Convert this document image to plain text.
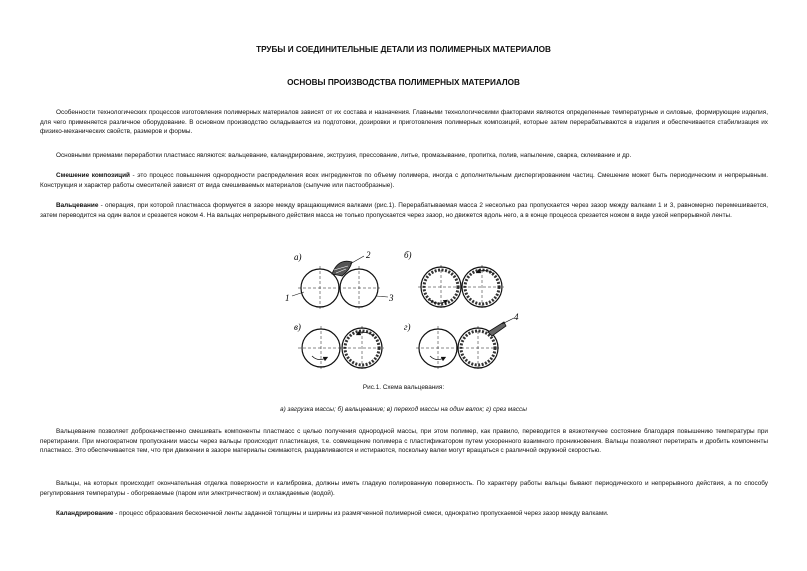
ТРУБЫ И СОЕДИНИТЕЛЬНЫЕ ДЕТАЛИ ИЗ ПОЛИМЕРНЫХ МАТЕРИАЛОВ
ОСНОВЫ ПРОИЗВОДСТВА ПОЛИМЕРНЫХ МАТЕРИАЛОВ
Особенности технологических процессов изготовления полимерных материалов зависят от их состава и назначения. Главными технологическими факторами являются определенные температурные и силовые, формирующие изделия, для чего применяется различное оборудование. В основном производство складывается из подготовки, дозировки и приготовления полимерных композиций, которые затем перерабатываются в изделия и обеспечивается стабилизация их физико-механических свойств, размеров и формы.
Основными приемами переработки пластмасс являются: вальцевание, каландрирование, экструзия, прессование, литье, промазывание, пропитка, полив, напыление, сварка, склеивание и др.
Смешение композиций - это процесс повышения однородности распределения всех ингредиентов по объему полимера, иногда с дополнительным диспергированием частиц. Смешение может быть периодическим и непрерывным. Конструкция и характер работы смесителей зависят от вида смешиваемых материалов (сыпучие или пастообразные).
Вальцевание - операция, при которой пластмасса формуется в зазоре между вращающимися валками (рис.1). Перерабатываемая масса 2 несколько раз пропускается через зазор между валками 1 и 3, равномерно перемешивается, затем переводится на один валок и срезается ножом 4. На вальцах непрерывного действия масса не только пропускается через зазор, но движется вдоль него, а в конце процесса срезается ножом в виде узкой непрерывной ленты.
а)	2
1	3
б)
в)	г)
4
Рис.1. Схема вальцевания:
а) загрузка массы; б) вальцевание; в) переход массы на один валок; г) срез массы
Вальцевание позволяет доброкачественно смешивать компоненты пластмасс с целью получения однородной массы, при этом полимер, как правило, переводится в вязкотекучее состояние благодаря повышению температуры при перетирании. При многократном пропускании массы через вальцы происходит пластикация, т.е. совмещение полимера с пластификатором путем ускоренного взаимного проникновения. Вальцы позволяют перетирать и дробить компоненты пластмасс. Это обеспечивается тем, что при движении в зазоре материалы сжимаются, раздавливаются и истираются, поскольку валки могут вращаться с различной окружной скоростью.
Вальцы, на которых происходит окончательная отделка поверхности и калибровка, должны иметь гладкую полированную поверхность. По характеру работы вальцы бывают периодического и непрерывного действия, а по способу регулирования температуры - обогреваемые (паром или электричеством) и охлаждаемые (водой).
Каландрирование - процесс образования бесконечной ленты заданной толщины и ширины из размягченной полимерной смеси, однократно пропускаемой через зазор между валками.
